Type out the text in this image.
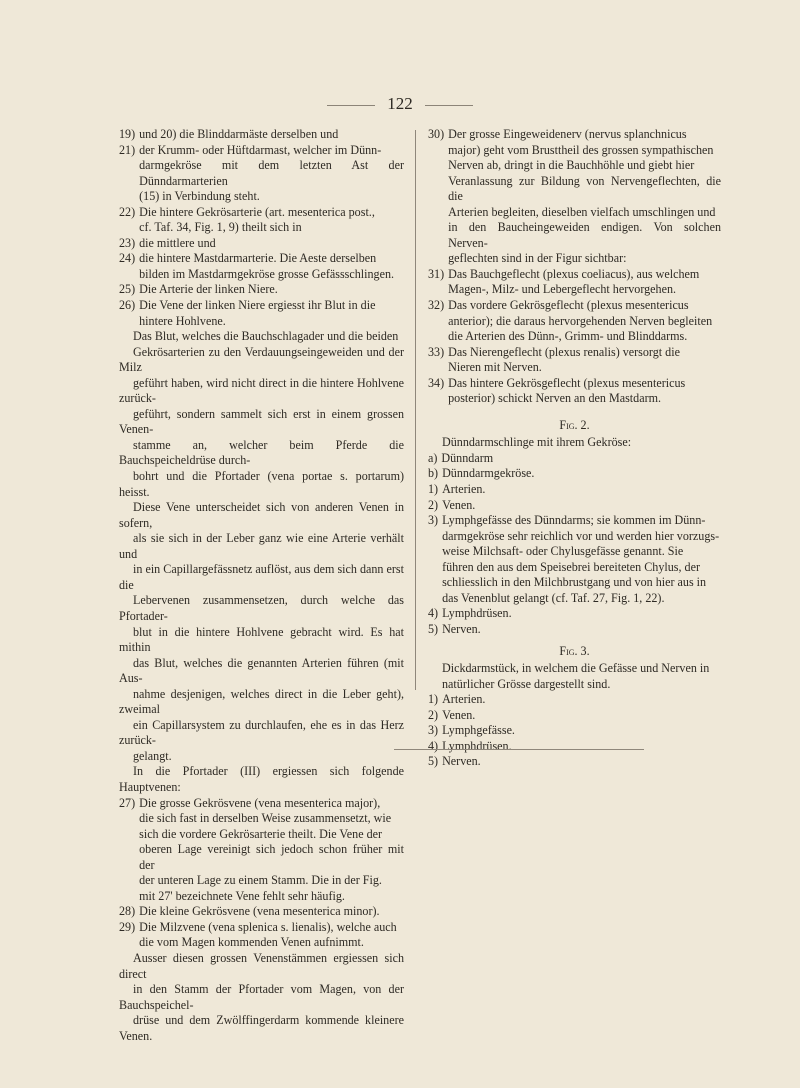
122
19) und 20) die Blinddarmäste derselben und
21) der Krumm- oder Hüftdarmast, welcher im Dünn-
darmgekröse mit dem letzten Ast der Dünndarmarterien
(15) in Verbindung steht.
22) Die hintere Gekrösarterie (art. mesenterica post.,
cf. Taf. 34, Fig. 1, 9) theilt sich in
23) die mittlere und
24) die hintere Mastdarmarterie. Die Aeste derselben
bilden im Mastdarmgekröse grosse Gefässschlingen.
25) Die Arterie der linken Niere.
26) Die Vene der linken Niere ergiesst ihr Blut in die
hintere Hohlvene.
Das Blut, welches die Bauchschlagader und die beiden
Gekrösarterien zu den Verdauungseingeweiden und der Milz
geführt haben, wird nicht direct in die hintere Hohlvene zurück-
geführt, sondern sammelt sich erst in einem grossen Venen-
stamme an, welcher beim Pferde die Bauchspeicheldrüse durch-
bohrt und die Pfortader (vena portae s. portarum) heisst.
Diese Vene unterscheidet sich von anderen Venen in sofern,
als sie sich in der Leber ganz wie eine Arterie verhält und
in ein Capillargefässnetz auflöst, aus dem sich dann erst die
Lebervenen zusammensetzen, durch welche das Pfortader-
blut in die hintere Hohlvene gebracht wird. Es hat mithin
das Blut, welches die genannten Arterien führen (mit Aus-
nahme desjenigen, welches direct in die Leber geht), zweimal
ein Capillarsystem zu durchlaufen, ehe es in das Herz zurück-
gelangt.
In die Pfortader (III) ergiessen sich folgende Hauptvenen:
27) Die grosse Gekrösvene (vena mesenterica major),
die sich fast in derselben Weise zusammensetzt, wie
sich die vordere Gekrösarterie theilt. Die Vene der
oberen Lage vereinigt sich jedoch schon früher mit der
der unteren Lage zu einem Stamm. Die in der Fig.
mit 27' bezeichnete Vene fehlt sehr häufig.
28) Die kleine Gekrösvene (vena mesenterica minor).
29) Die Milzvene (vena splenica s. lienalis), welche auch
die vom Magen kommenden Venen aufnimmt.
Ausser diesen grossen Venenstämmen ergiessen sich direct
in den Stamm der Pfortader vom Magen, von der Bauchspeichel-
drüse und dem Zwölffingerdarm kommende kleinere Venen.
30) Der grosse Eingeweidenerv (nervus splanchnicus
major) geht vom Brusttheil des grossen sympathischen
Nerven ab, dringt in die Bauchhöhle und giebt hier
Veranlassung zur Bildung von Nervengeflechten, die die
Arterien begleiten, dieselben vielfach umschlingen und
in den Baucheingeweiden endigen. Von solchen Nerven-
geflechten sind in der Figur sichtbar:
31) Das Bauchgeflecht (plexus coeliacus), aus welchem
Magen-, Milz- und Lebergeflecht hervorgehen.
32) Das vordere Gekrösgeflecht (plexus mesentericus
anterior); die daraus hervorgehenden Nerven begleiten
die Arterien des Dünn-, Grimm- und Blinddarms.
33) Das Nierengeflecht (plexus renalis) versorgt die
Nieren mit Nerven.
34) Das hintere Gekrösgeflecht (plexus mesentericus
posterior) schickt Nerven an den Mastdarm.
Fig. 2.
Dünndarmschlinge mit ihrem Gekröse:
a) Dünndarm
b) Dünndarmgekröse.
1) Arterien.
2) Venen.
3) Lymphgefässe des Dünndarms; sie kommen im Dünn-
darmgekröse sehr reichlich vor und werden hier vorzugs-
weise Milchsaft- oder Chylusgefässe genannt. Sie
führen den aus dem Speisebrei bereiteten Chylus, der
schliesslich in den Milchbrustgang und von hier aus in
das Venenblut gelangt (cf. Taf. 27, Fig. 1, 22).
4) Lymphdrüsen.
5) Nerven.
Fig. 3.
Dickdarmstück, in welchem die Gefässe und Nerven in
natürlicher Grösse dargestellt sind.
1) Arterien.
2) Venen.
3) Lymphgefässe.
4) Lymphdrüsen.
5) Nerven.
